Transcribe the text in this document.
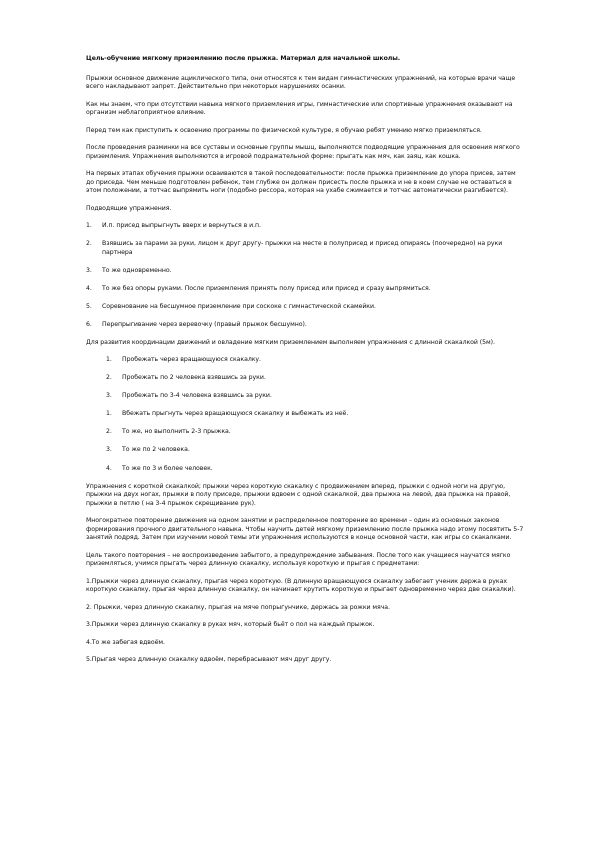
Цель-обучение мягкому приземлению после прыжка. Материал для начальной школы.

Прыжки основное движение ациклического типа, они относятся к тем видам гимнастических упражнений, на которые врачи чаще всего накладывают запрет. Действительно при некоторых нарушениях осанки.

Как мы знаем, что при отсутствии навыка мягкого приземления игры, гимнастические или спортивные упражнения оказывают на организм неблагоприятное влияние.

Перед тем как приступить к освоению программы по физической культуре, я обучаю ребят умению мягко приземляться.

После проведения разминки на все суставы и основные группы мышц, выполняются подводящие упражнения для освоения мягкого приземления. Упражнения выполняются в игровой подражательной форме: прыгать как мяч, как заяц, как кошка.

На первых этапах обучения прыжки осваиваются в такой последовательности: после прыжка приземление до упора присев, затем до приседа. Чем меньше подготовлен ребенок, тем глубже он должен присесть после прыжка и не в коем случае не оставаться в этом положении, а тотчас выпрямить ноги (подобно рессора, которая на ухабе сжимается и тотчас автоматически разгибается).

Подводящие упражнения.

1.	И.п. присед выпрыгнуть вверх и вернуться в и.п.
2.	Взявшись за парами за руки, лицом к друг другу- прыжки на месте в полуприсед и присед опираясь (поочередно) на руки партнера
3.	То же одновременно.
4.	То же без опоры руками. После приземления принять полу присед или присед и сразу выпрямиться.
5.	Соревнование на бесшумное приземление при соскоке с гимнастической скамейки.
6.	Перепрыгивание через веревочку (правый прыжок бесшумно).

Для развития координации движений и овладение мягким приземлением выполняем упражнения с длинной скакалкой (5м).

1.	Пробежать через вращающуюся скакалку.
2.	Пробежать по 2 человека взявшись за руки.
3.	Пробежать по 3-4 человека взявшись за руки.
1.	Вбежать прыгнуть через вращающуюся скакалку и выбежать из неё.
2.	То же, но выполнить 2-3 прыжка.
3.	То же по 2 человека.
4.	То же по 3 и более человек.

Упражнения с короткой скакалкой; прыжки через короткую скакалку с продвижением вперед, прыжки с одной ноги на другую, прыжки на двух ногах, прыжки в полу приседе, прыжки вдвоем с одной скакалкой, два прыжка на левой, два прыжка на правой, прыжки в петлю ( на 3-4 прыжок скрещивание рук).

Многократное повторение движения на одном занятии и распределенное повторение во времени – один из основных законов формирования прочного двигательного навыка. Чтобы научить детей мягкому приземлению после прыжка надо этому посвятить 5-7 занятий подряд. Затем при изучении новой темы эти упражнения используются в конце основной части, как игры со скакалками.

Цель такого повторения – не воспроизведение забытого, а предупреждение забывания. После того как учащиеся научатся мягко приземляться, учимся прыгать через длинную скакалку, используя короткую и прыгая с предметами:

1.Прыжки через длинную скакалку, прыгая через короткую. (В длинную вращающуюся скакалку забегает ученик держа в руках короткую скакалку, прыгая через длинную скакалку, он начинает крутить короткую и прыгает одновременно через две скакалки).

2. Прыжки, через длинную скакалку, прыгая на мяче попрыгунчике, держась за рожки мяча.

3.Прыжки через длинную скакалку в руках мяч, который бьёт о пол на каждый прыжок.

4.То же забегая вдвоём.

5.Прыгая через длинную скакалку вдвоём, перебрасывают мяч друг другу.
